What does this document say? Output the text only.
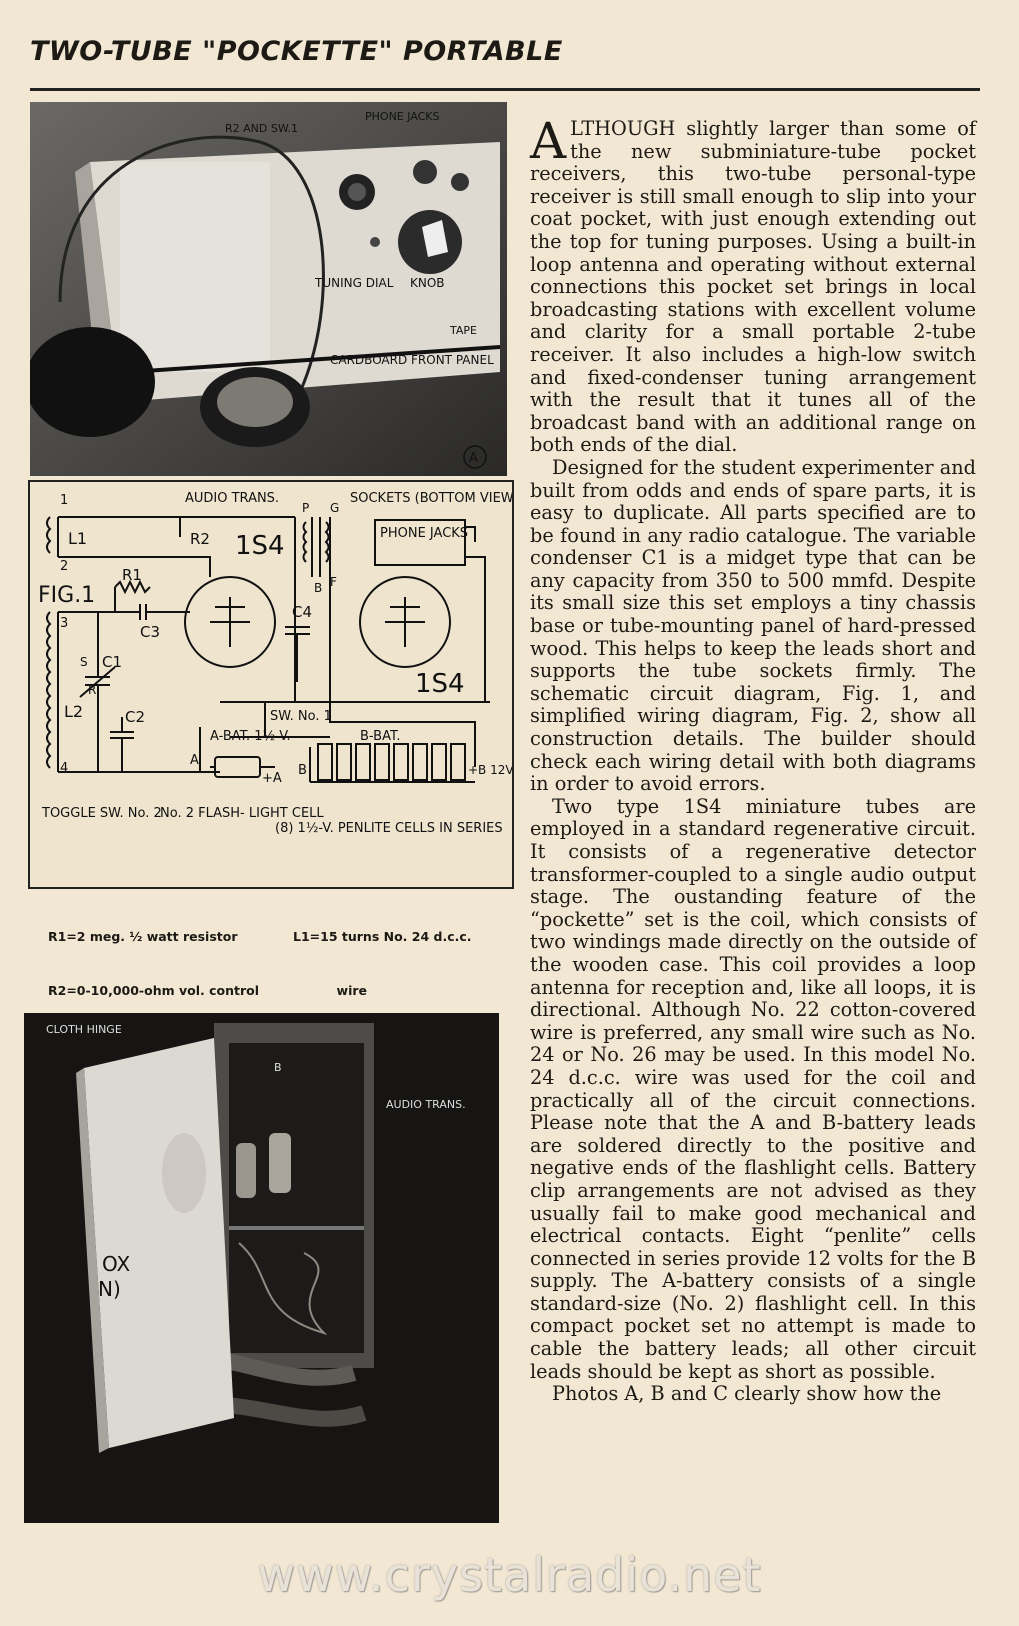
TWO-TUBE "POCKETTE" PORTABLE
R2 AND SW.1
PHONE JACKS
TUNING DIAL KNOB
TAPE
CARDBOARD FRONT PANEL
A
AUDIO TRANS.	SOCKETS (BOTTOM VIEW)
1
2
3
4
L1
L2
R1
R2
C1
C2
C3
C4
S
R
1S4
1S4
FIG.1
PHONE JACKS
P G
B F
SW. No. 1
A-BAT. 1½ V.	B-BAT.
A
+A
B	+B 12V.
TOGGLE SW. No. 2
No. 2 FLASH- LIGHT CELL
(8) 1½-V. PENLITE CELLS IN SERIES

R1=2 meg. ½ watt resistor

R2=0-10,000-ohm vol. control

L1=15 turns No. 24 d.c.c.

wire

CLOTH HINGE
B
AUDIO TRANS.
OX
N)

ALTHOUGH slightly larger than some of the new subminiature-tube pocket receivers, this two-tube personal-type receiver is still small enough to slip into your coat pocket, with just enough extending out the top for tuning purposes. Using a built-in loop antenna and operating without external connections this pocket set brings in local broadcasting stations with excellent volume and clarity for a small portable 2-tube receiver. It also includes a high-low switch and fixed-condenser tuning arrangement with the result that it tunes all of the broadcast band with an additional range on both ends of the dial.

Designed for the student experimenter and built from odds and ends of spare parts, it is easy to duplicate. All parts specified are to be found in any radio catalogue. The variable condenser C1 is a midget type that can be any capacity from 350 to 500 mmfd. Despite its small size this set employs a tiny chassis base or tube-mounting panel of hard-pressed wood. This helps to keep the leads short and supports the tube sockets firmly. The schematic circuit diagram, Fig. 1, and simplified wiring diagram, Fig. 2, show all construction details. The builder should check each wiring detail with both diagrams in order to avoid errors.

Two type 1S4 miniature tubes are employed in a standard regenerative circuit. It consists of a regenerative detector transformer-coupled to a single audio output stage. The oustanding feature of the “pockette” set is the coil, which consists of two windings made directly on the outside of the wooden case. This coil provides a loop antenna for reception and, like all loops, it is directional. Although No. 22 cotton-covered wire is preferred, any small wire such as No. 24 or No. 26 may be used. In this model No. 24 d.c.c. wire was used for the coil and practically all of the circuit connections. Please note that the A and B-battery leads are soldered directly to the positive and negative ends of the flashlight cells. Battery clip arrangements are not advised as they usually fail to make good mechanical and electrical contacts. Eight “penlite” cells connected in series provide 12 volts for the B supply. The A-battery consists of a single standard-size (No. 2) flashlight cell. In this compact pocket set no attempt is made to cable the battery leads; all other circuit leads should be kept as short as possible.

Photos A, B and C clearly show how the

www.crystalradio.net
